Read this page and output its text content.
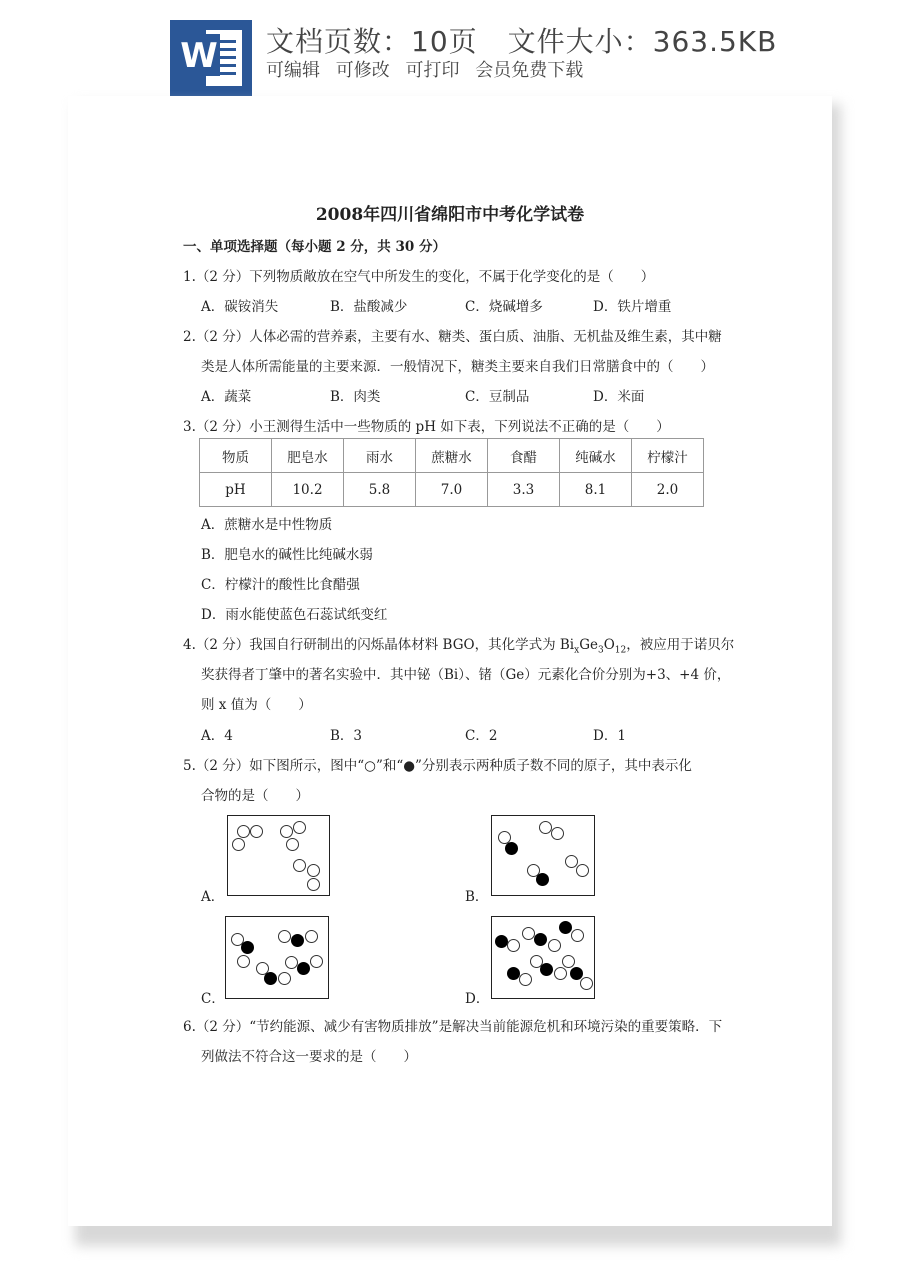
W 文档页数：10页 文件大小：363.5KB
可编辑 可修改 可打印 会员免费下载
2008年四川省绵阳市中考化学试卷
一、单项选择题（每小题 2 分，共 30 分）
1.（2 分）下列物质敞放在空气中所发生的变化，不属于化学变化的是（　　）
A．碳铵消失	B．盐酸减少	C．烧碱增多	D．铁片增重
2.（2 分）人体必需的营养素，主要有水、糖类、蛋白质、油脂、无机盐及维生素，其中糖
类是人体所需能量的主要来源．一般情况下，糖类主要来自我们日常膳食中的（　　）
A．蔬菜	B．肉类	C．豆制品	D．米面
3.（2 分）小王测得生活中一些物质的 pH 如下表，下列说法不正确的是（　　）
物质	肥皂水	雨水	蔗糖水	食醋	纯碱水	柠檬汁
pH	10.2	5.8	7.0	3.3	8.1	2.0
A．蔗糖水是中性物质
B．肥皂水的碱性比纯碱水弱
C．柠檬汁的酸性比食醋强
D．雨水能使蓝色石蕊试纸变红
4.（2 分）我国自行研制出的闪烁晶体材料 BGO，其化学式为 $Bi_xGe_3O_{12}$，被应用于诺贝尔
奖获得者丁肇中的著名实验中．其中铋（Bi）、锗（Ge）元素化合价分别为+3、+4 价，
则 x 值为（　　）
A．4	B．3	C．2	D．1
5.（2 分）如下图所示，图中“○”和“●”分别表示两种质子数不同的原子，其中表示化
合物的是（　　）
A．	B．
C．	D．
6.（2 分）“节约能源、减少有害物质排放”是解决当前能源危机和环境污染的重要策略．下
列做法不符合这一要求的是（　　）
